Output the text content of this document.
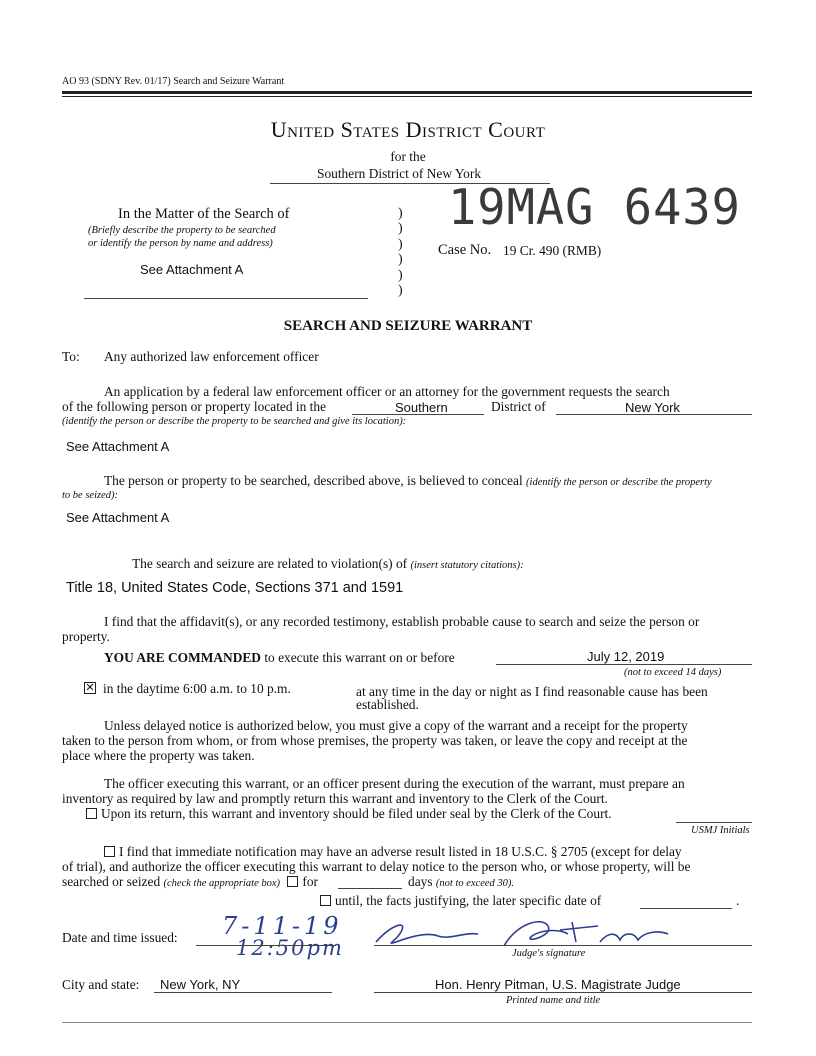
AO 93 (SDNY Rev. 01/17) Search and Seizure Warrant
United States District Court
for the
Southern District of New York
19MAG 6439
In the Matter of the Search of
(Briefly describe the property to be searched
or identify the person by name and address)
See Attachment A
)
)
)
)
)
)
Case No. 19 Cr. 490 (RMB)
SEARCH AND SEIZURE WARRANT
To: Any authorized law enforcement officer
An application by a federal law enforcement officer or an attorney for the government requests the search
of the following person or property located in the	Southern	District of	New York
(identify the person or describe the property to be searched and give its location):
See Attachment A
The person or property to be searched, described above, is believed to conceal (identify the person or describe the property
to be seized):
See Attachment A
The search and seizure are related to violation(s) of (insert statutory citations):
Title 18, United States Code, Sections 371 and 1591
I find that the affidavit(s), or any recorded testimony, establish probable cause to search and seize the person or
property.
YOU ARE COMMANDED to execute this warrant on or before	July 12, 2019
(not to exceed 14 days)
✕ in the daytime 6:00 a.m. to 10 p.m.	at any time in the day or night as I find reasonable cause has been
established.
Unless delayed notice is authorized below, you must give a copy of the warrant and a receipt for the property
taken to the person from whom, or from whose premises, the property was taken, or leave the copy and receipt at the
place where the property was taken.
The officer executing this warrant, or an officer present during the execution of the warrant, must prepare an
inventory as required by law and promptly return this warrant and inventory to the Clerk of the Court.
Upon its return, this warrant and inventory should be filed under seal by the Clerk of the Court.
USMJ Initials
I find that immediate notification may have an adverse result listed in 18 U.S.C. § 2705 (except for delay
of trial), and authorize the officer executing this warrant to delay notice to the person who, or whose property, will be
searched or seized (check the appropriate box) for	days (not to exceed 30).
until, the facts justifying, the later specific date of	.
Date and time issued: 7-11-19
12:50pm	Judge's signature
City and state: New York, NY	Hon. Henry Pitman, U.S. Magistrate Judge
Printed name and title
